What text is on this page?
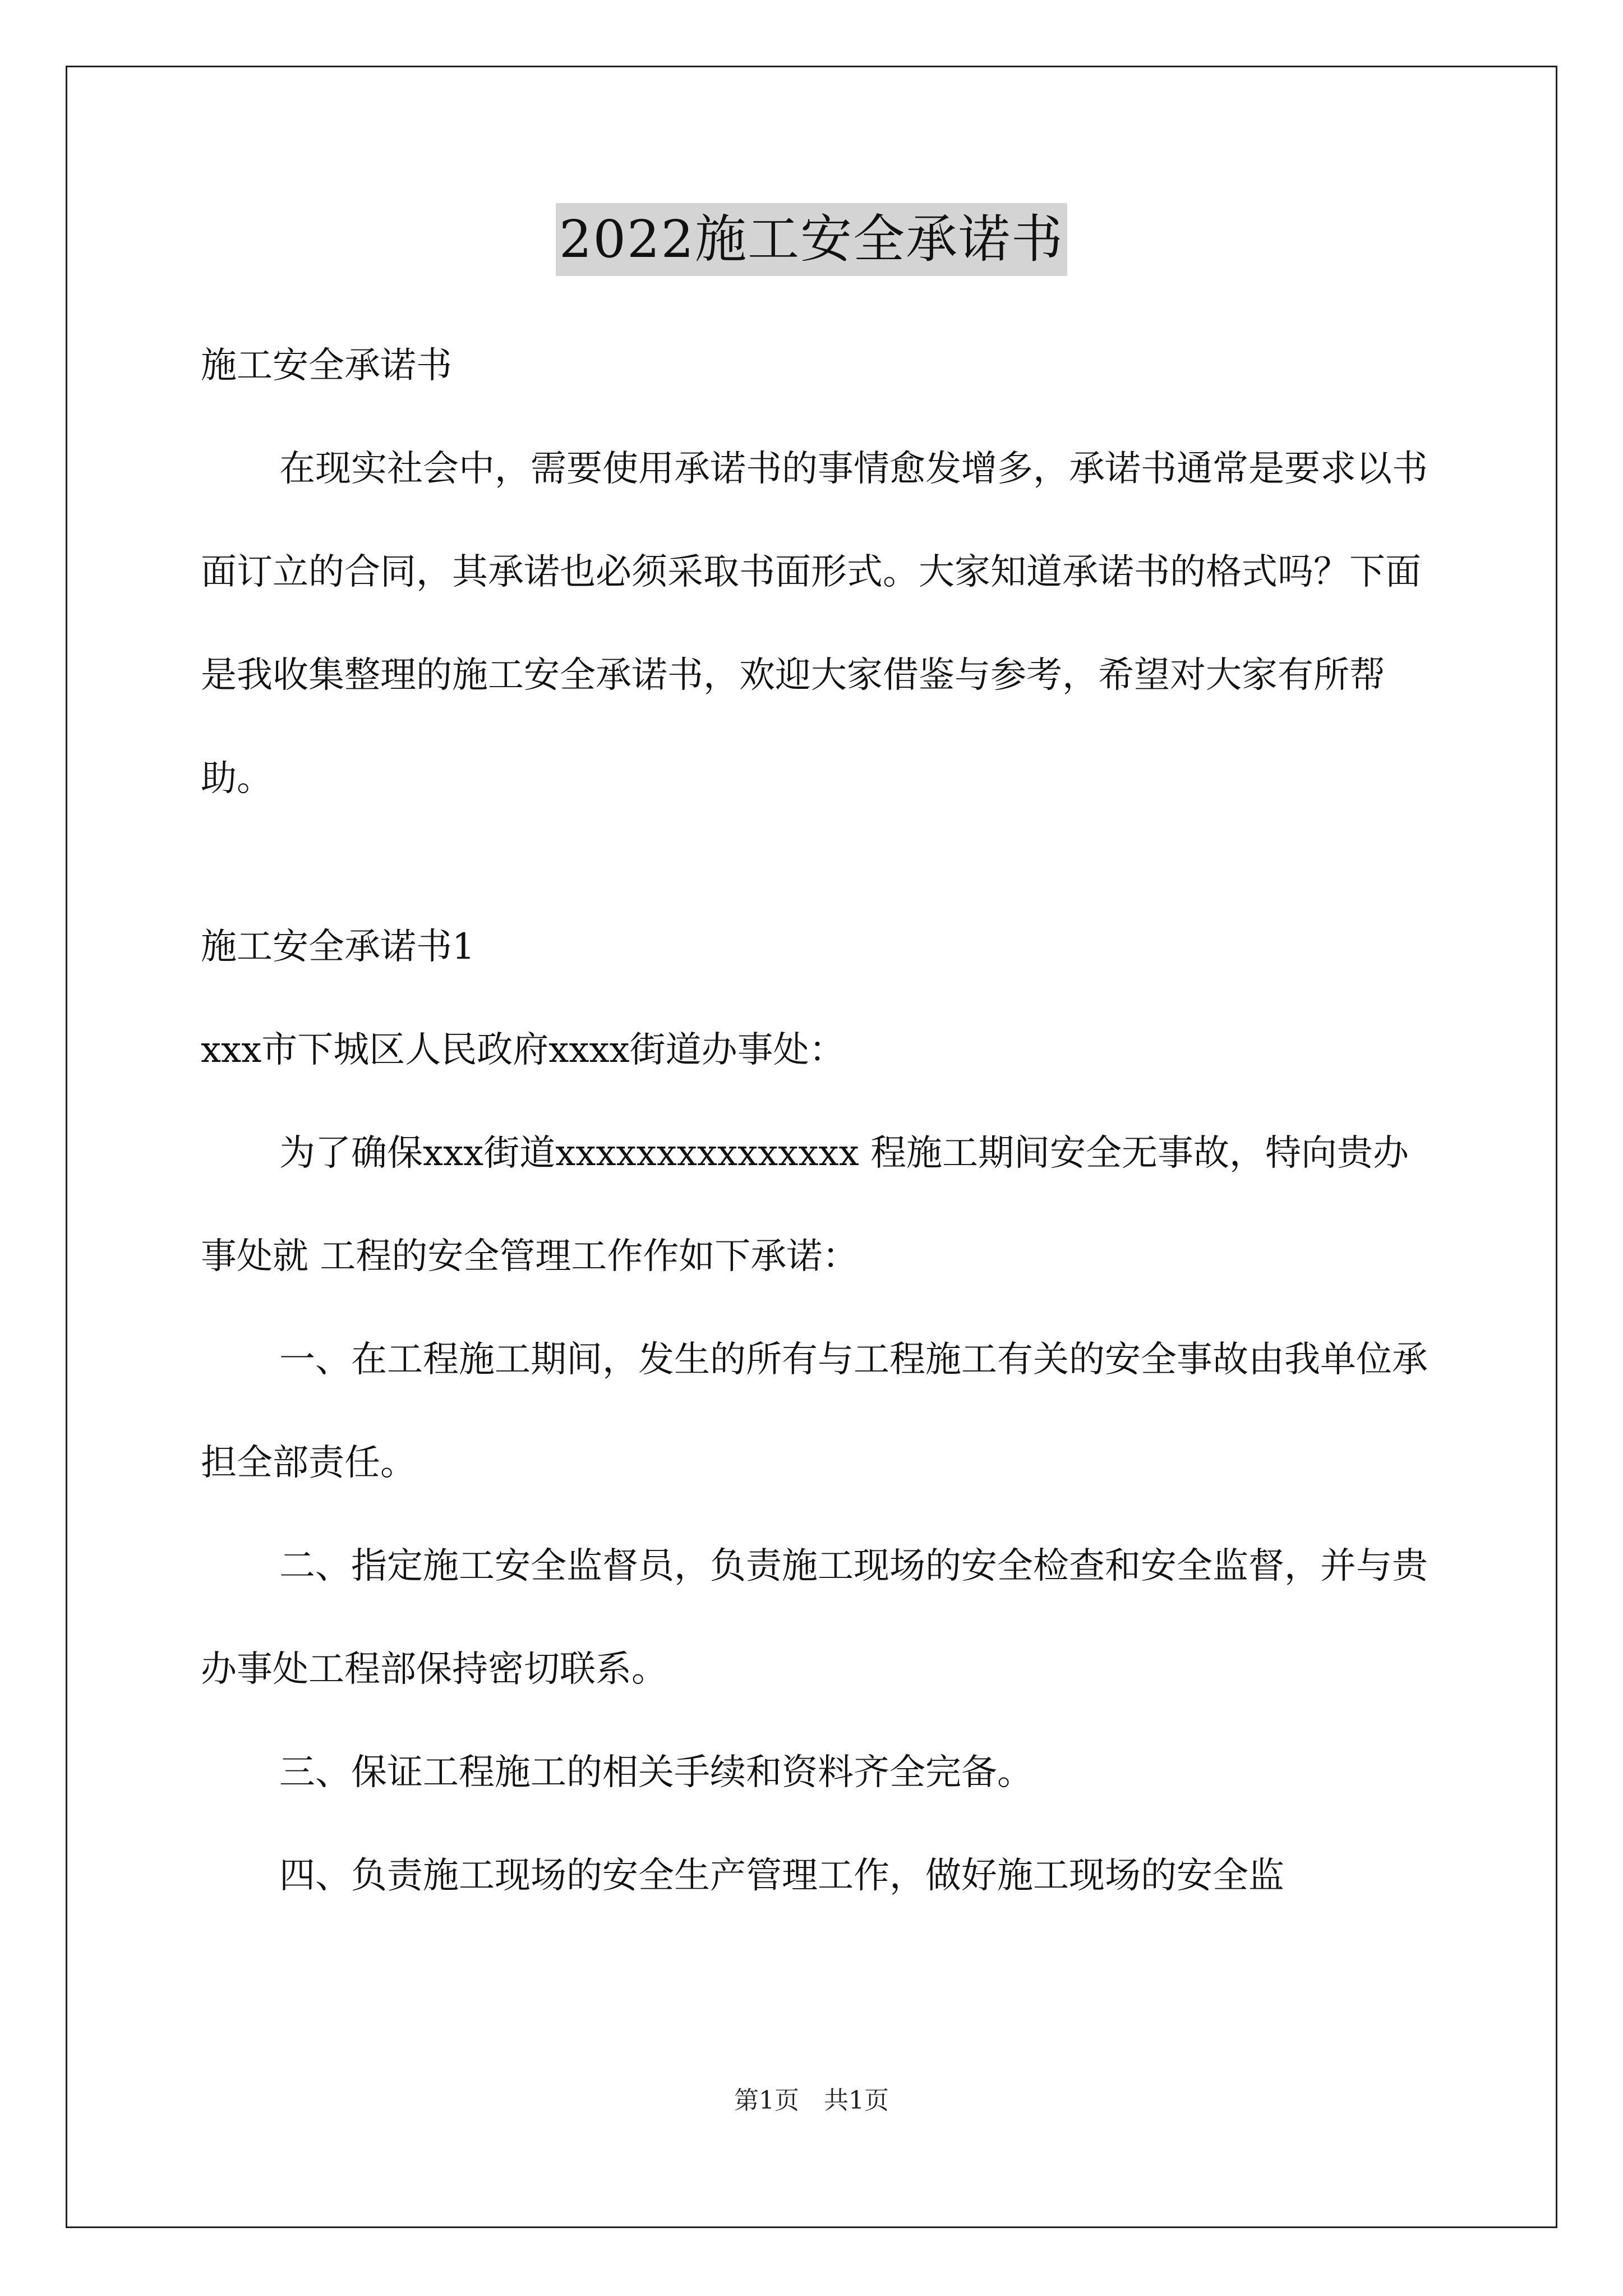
2022施工安全承诺书

施工安全承诺书

在现实社会中，需要使用承诺书的事情愈发增多，承诺书通常是要求以书面订立的合同，其承诺也必须采取书面形式。大家知道承诺书的格式吗？下面是我收集整理的施工安全承诺书，欢迎大家借鉴与参考，希望对大家有所帮助。

施工安全承诺书1

xxx市下城区人民政府xxxx街道办事处：

为了确保xxx街道xxxxxxxxxxxxxxx 程施工期间安全无事故，特向贵办事处就 工程的安全管理工作作如下承诺：

一、在工程施工期间，发生的所有与工程施工有关的安全事故由我单位承担全部责任。

二、指定施工安全监督员，负责施工现场的安全检查和安全监督，并与贵办事处工程部保持密切联系。

三、保证工程施工的相关手续和资料齐全完备。

四、负责施工现场的安全生产管理工作，做好施工现场的安全监

第1页　共1页
